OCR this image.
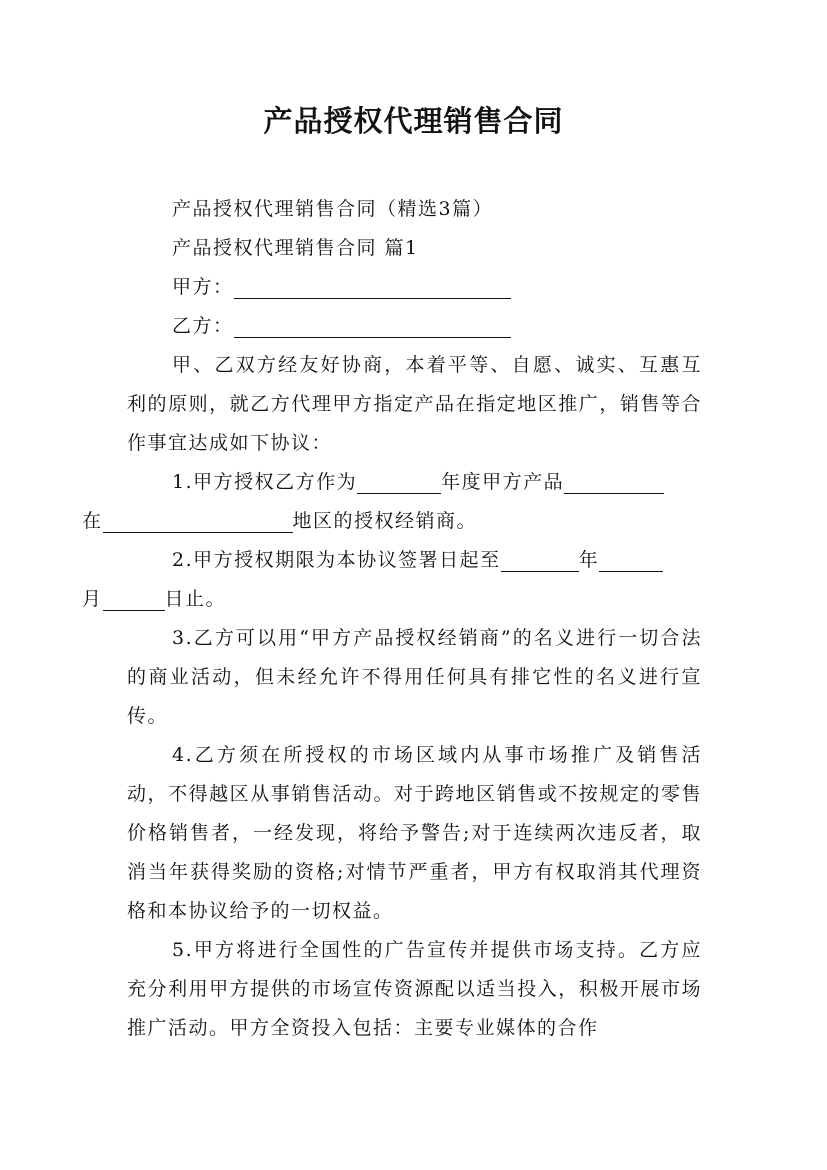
产品授权代理销售合同
产品授权代理销售合同（精选3篇）
产品授权代理销售合同 篇1
甲方：
乙方：

甲、乙双方经友好协商，本着平等、自愿、诚实、互惠互利的原则，就乙方代理甲方指定产品在指定地区推广，销售等合作事宜达成如下协议：

1.甲方授权乙方作为	年度甲方产品
在	地区的授权经销商。

2.甲方授权期限为本协议签署日起至	年
月	日止。

3.乙方可以用“甲方产品授权经销商”的名义进行一切合法的商业活动，但未经允许不得用任何具有排它性的名义进行宣传。

4.乙方须在所授权的市场区域内从事市场推广及销售活动，不得越区从事销售活动。对于跨地区销售或不按规定的零售价格销售者，一经发现，将给予警告;对于连续两次违反者，取消当年获得奖励的资格;对情节严重者，甲方有权取消其代理资格和本协议给予的一切权益。

5.甲方将进行全国性的广告宣传并提供市场支持。乙方应充分利用甲方提供的市场宣传资源配以适当投入，积极开展市场推广活动。甲方全资投入包括：主要专业媒体的合作
